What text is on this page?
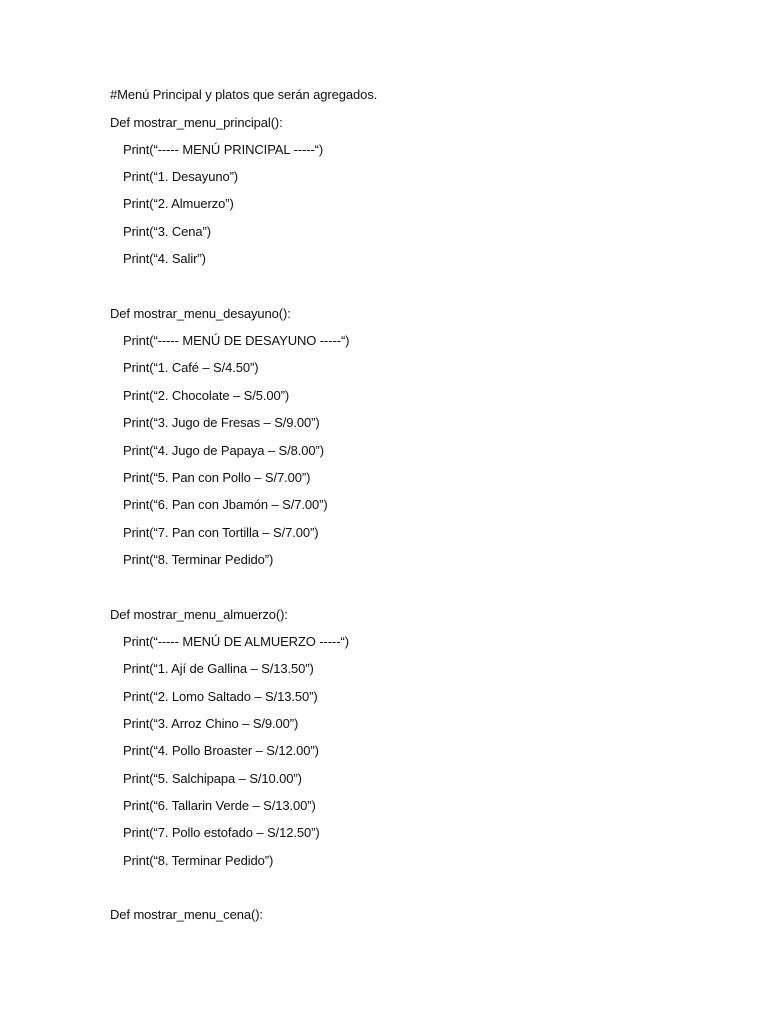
#Menú Principal y platos que serán agregados.
Def mostrar_menu_principal():
Print(“----- MENÚ PRINCIPAL -----“)
Print(“1. Desayuno”)
Print(“2. Almuerzo”)
Print(“3. Cena”)
Print(“4. Salir”)
Def mostrar_menu_desayuno():
Print(“----- MENÚ DE DESAYUNO -----“)
Print(“1. Café – S/4.50”)
Print(“2. Chocolate – S/5.00”)
Print(“3. Jugo de Fresas – S/9.00”)
Print(“4. Jugo de Papaya – S/8.00”)
Print(“5. Pan con Pollo – S/7.00”)
Print(“6. Pan con Jbamón – S/7.00”)
Print(“7. Pan con Tortilla – S/7.00”)
Print(“8. Terminar Pedido”)
Def mostrar_menu_almuerzo():
Print(“----- MENÚ DE ALMUERZO -----“)
Print(“1. Ají de Gallina – S/13.50”)
Print(“2. Lomo Saltado – S/13.50”)
Print(“3. Arroz Chino – S/9.00”)
Print(“4. Pollo Broaster – S/12.00”)
Print(“5. Salchipapa – S/10.00”)
Print(“6. Tallarin Verde – S/13.00”)
Print(“7. Pollo estofado – S/12.50”)
Print(“8. Terminar Pedido”)
Def mostrar_menu_cena():
